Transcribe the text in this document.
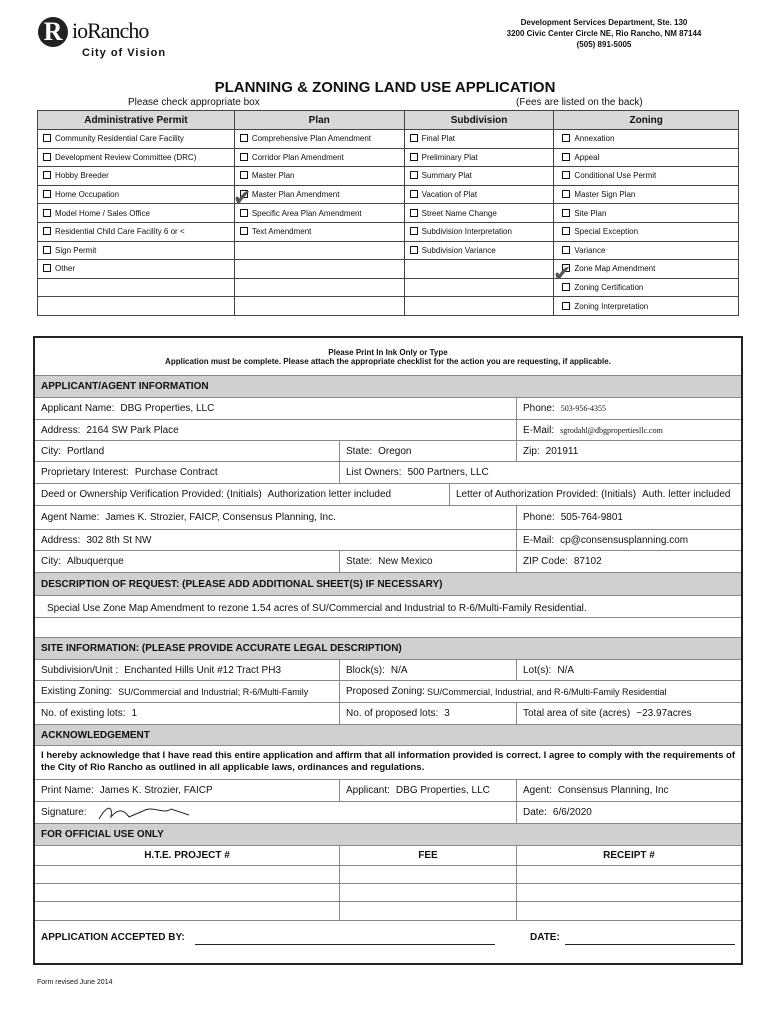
R ioRancho
City of Vision
Development Services Department, Ste. 130
3200 Civic Center Circle NE, Rio Rancho, NM 87144
(505) 891-5005
PLANNING & ZONING LAND USE APPLICATION
Please check appropriate box	(Fees are listed on the back)
Administrative Permit	Plan	Subdivision	Zoning
Community Residential Care Facility	Comprehensive Plan Amendment	Final Plat	Annexation
Development Review Committee (DRC)	Corridor Plan Amendment	Preliminary Plat	Appeal
Hobby Breeder	Master Plan	Summary Plat	Conditional Use Permit
Home Occupation	Master Plan Amendment	Vacation of Plat	Master Sign Plan
Model Home / Sales Office	Specific Area Plan Amendment	Street Name Change	Site Plan
Residential Child Care Facility 6 or <	Text Amendment	Subdivision Interpretation	Special Exception
Sign Permit		Subdivision Variance	Variance
Other			Zone Map Amendment
			Zoning Certification
			Zoning Interpretation
✔
✔
Please Print In Ink Only or Type
Application must be complete. Please attach the appropriate checklist for the action you are requesting, if applicable.
APPLICANT/AGENT INFORMATION
Applicant Name: DBG Properties, LLC	Phone: 503-956-4355
Address: 2164 SW Park Place	E-Mail: sgrodahl@dbgpropertiesllc.com
City: Portland	State: Oregon	Zip: 201911
Proprietary Interest: Purchase Contract	List Owners: 500 Partners, LLC
Deed or Ownership Verification Provided: (Initials) Authorization letter included	Letter of Authorization Provided: (Initials) Auth. letter included
Agent Name: James K. Strozier, FAICP, Consensus Planning, Inc.	Phone: 505-764-9801
Address: 302 8th St NW	E-Mail: cp@consensusplanning.com
City: Albuquerque	State: New Mexico	ZIP Code: 87102
DESCRIPTION OF REQUEST: (PLEASE ADD ADDITIONAL SHEET(S) IF NECESSARY)
Special Use Zone Map Amendment to rezone 1.54 acres of SU/Commercial and Industrial to R-6/Multi-Family Residential.
SITE INFORMATION: (PLEASE PROVIDE ACCURATE LEGAL DESCRIPTION)
Subdivision/Unit : Enchanted Hills Unit #12 Tract PH3	Block(s): N/A	Lot(s): N/A
Existing Zoning: SU/Commercial and Industrial; R-6/Multi-Family	Proposed Zoning: SU/Commercial, Industrial, and R-6/Multi-Family Residential
No. of existing lots: 1	No. of proposed lots: 3	Total area of site (acres) ~23.97acres
ACKNOWLEDGEMENT
I hereby acknowledge that I have read this entire application and affirm that all information provided is correct. I agree to comply with the requirements of the City of Rio Rancho as outlined in all applicable laws, ordinances and regulations.
Print Name: James K. Strozier, FAICP	Applicant: DBG Properties, LLC	Agent: Consensus Planning, Inc
Signature:	Date: 6/6/2020
FOR OFFICIAL USE ONLY
H.T.E. PROJECT #	FEE	RECEIPT #
APPLICATION ACCEPTED BY:	DATE:
Form revised June 2014
